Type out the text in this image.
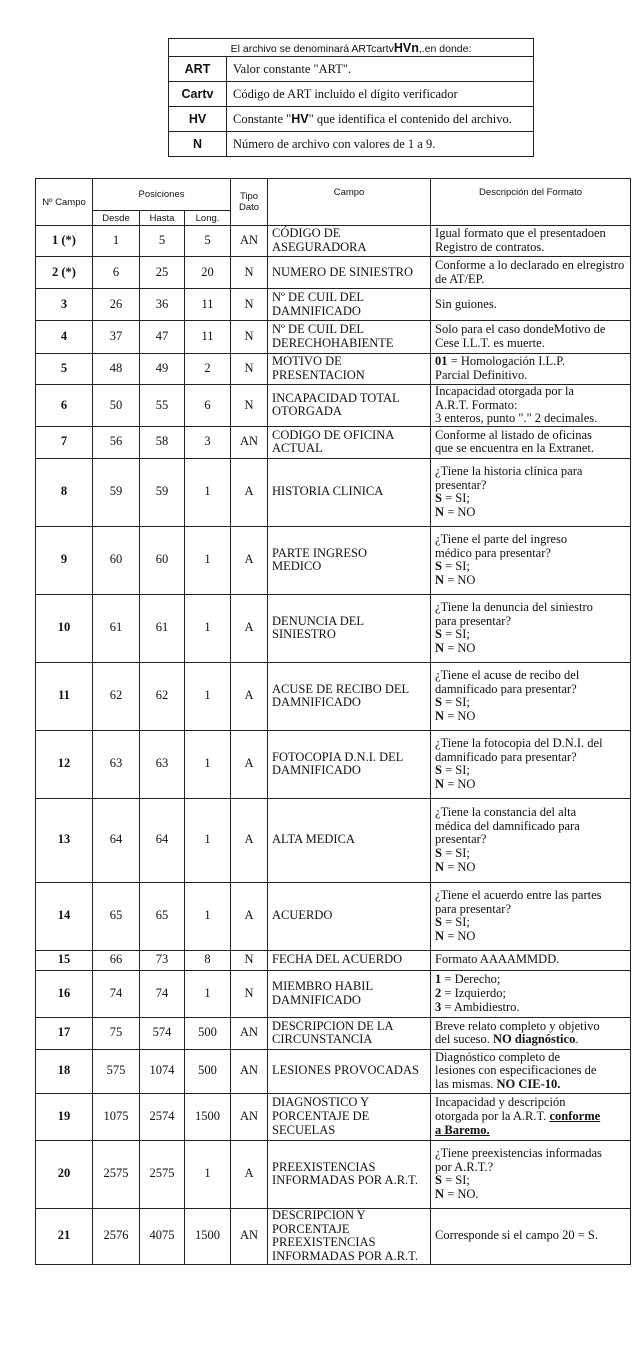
El archivo se denominará ARTcartvHVn,.en donde:	
ART	Valor constante "ART".
Cartv	Código de ART incluido el dígito verificador
HV	Constante "HV" que identifica el contenido del archivo.
N	Número de archivo con valores de 1 a 9.
Nº Campo	Posiciones			Tipo Dato	Campo	Descripción del Formato
	Desde	Hasta	Long.			
1 (*)	1	5	5	AN	CÓDIGO DE
ASEGURADORA	Igual formato que el presentadoen Registro de contratos.
2 (*)	6	25	20	N	NUMERO DE SINIESTRO	Conforme a lo declarado en elregistro de AT/EP.
3	26	36	11	N	Nº DE CUIL DEL
DAMNIFICADO	Sin guiones.
4	37	47	11	N	Nº DE CUIL DEL
DERECHOHABIENTE	Solo para el caso dondeMotivo de Cese I.L.T. es muerte.
5	48	49	2	N	MOTIVO DE
PRESENTACION	01 = Homologación I.L.P.
Parcial Definitivo.
6	50	55	6	N	INCAPACIDAD TOTAL
OTORGADA	Incapacidad otorgada por la
A.R.T. Formato:
3 enteros, punto "." 2 decimales.
7	56	58	3	AN	CODIGO DE OFICINA
ACTUAL	Conforme al listado de oficinas
que se encuentra en la Extranet.
8	59	59	1	A	HISTORIA CLINICA	¿Tiene la historia clínica para
presentar?
S = SI;
N = NO
9	60	60	1	A	PARTE INGRESO
MEDICO	¿Tiene el parte del ingreso
médico para presentar?
S = SI;
N = NO
10	61	61	1	A	DENUNCIA DEL
SINIESTRO	¿Tiene la denuncia del siniestro
para presentar?
S = SI;
N = NO
11	62	62	1	A	ACUSE DE RECIBO DEL
DAMNIFICADO	¿Tiene el acuse de recibo del
damnificado para presentar?
S = SI;
N = NO
12	63	63	1	A	FOTOCOPIA D.N.I. DEL
DAMNIFICADO	¿Tiene la fotocopia del D.N.I. del
damnificado para presentar?
S = SI;
N = NO
13	64	64	1	A	ALTA MEDICA	¿Tiene la constancia del alta
médica del damnificado para
presentar?
S = SI;
N = NO
14	65	65	1	A	ACUERDO	¿Tiene el acuerdo entre las partes
para presentar?
S = SI;
N = NO
15	66	73	8	N	FECHA DEL ACUERDO	Formato AAAAMMDD.
16	74	74	1	N	MIEMBRO HABIL
DAMNIFICADO	1 = Derecho;
2 = Izquierdo;
3 = Ambidiestro.
17	75	574	500	AN	DESCRIPCION DE LA
CIRCUNSTANCIA	Breve relato completo y objetivo
del suceso. NO diagnóstico.
18	575	1074	500	AN	LESIONES PROVOCADAS	Diagnóstico completo de
lesiones con especificaciones de
las mismas. NO CIE-10.
19	1075	2574	1500	AN	DIAGNOSTICO Y
PORCENTAJE DE
SECUELAS	Incapacidad y descripción
otorgada por la A.R.T. conforme
a Baremo.
20	2575	2575	1	A	PREEXISTENCIAS
INFORMADAS POR A.R.T.	¿Tiene preexistencias informadas
por A.R.T.?
S = SI;
N = NO.
21	2576	4075	1500	AN	DESCRIPCION Y
PORCENTAJE
PREEXISTENCIAS
INFORMADAS POR A.R.T.	Corresponde si el campo 20 = S.
